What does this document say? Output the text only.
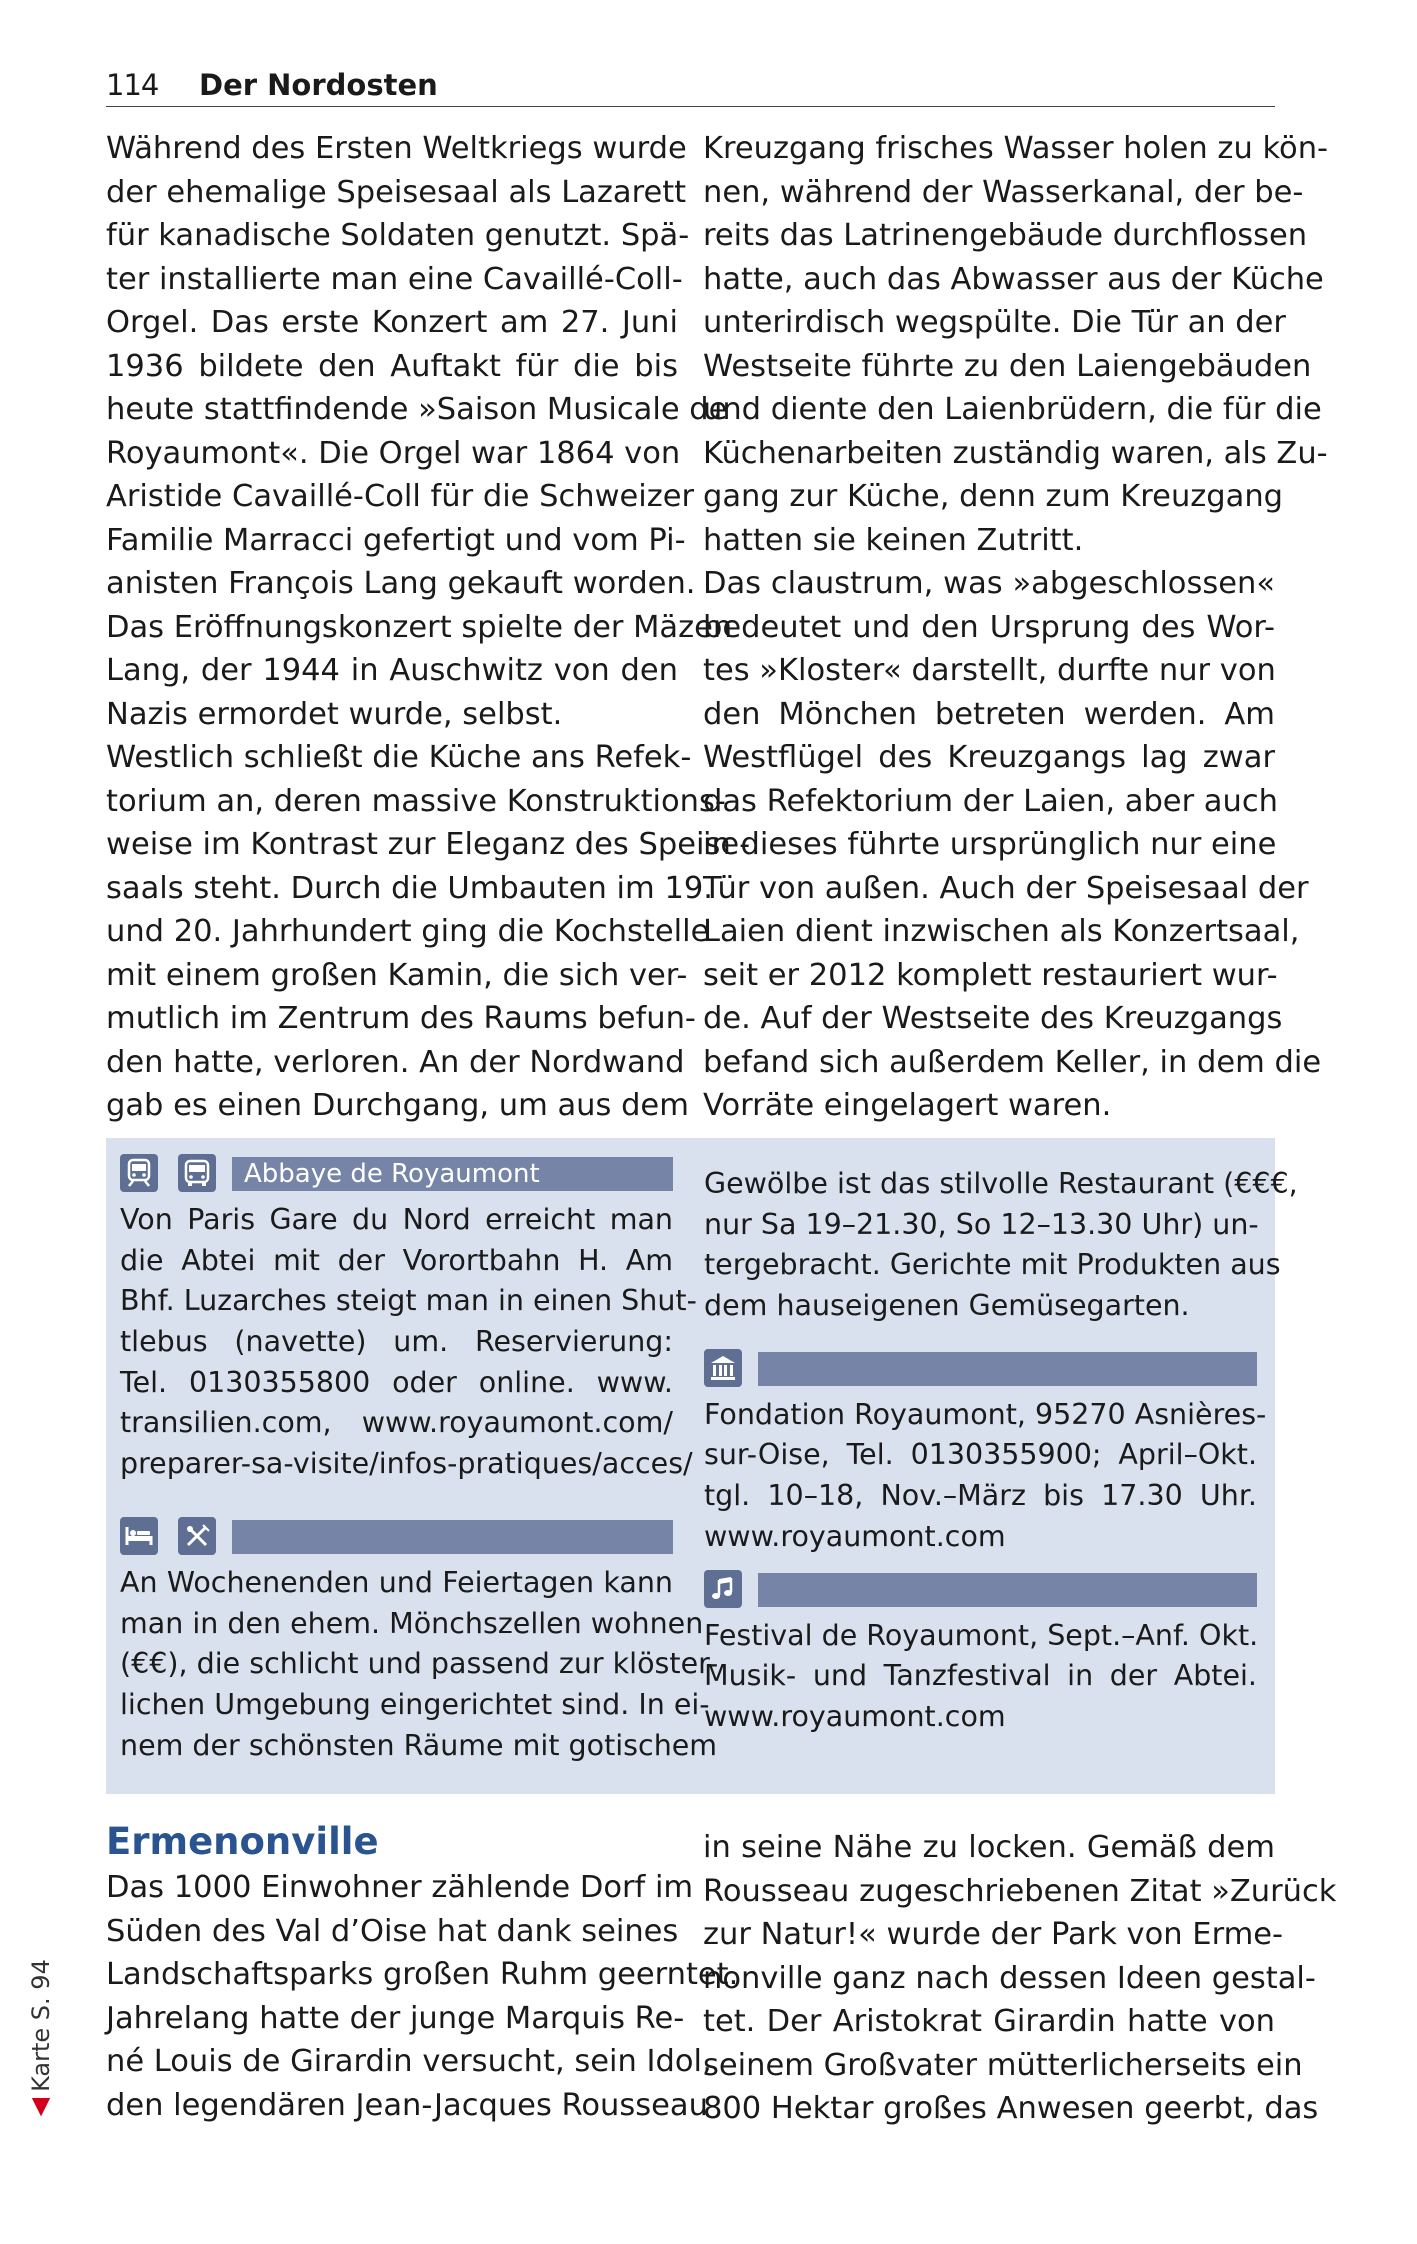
114 Der Nordosten
Während des Ersten Weltkriegs wurde
der ehemalige Speisesaal als Lazarett
für kanadische Soldaten genutzt. Spä-
ter installierte man eine Cavaillé-Coll-
Orgel. Das erste Konzert am 27. Juni
1936 bildete den Auftakt für die bis
heute stattfindende »Saison Musicale de
Royaumont«. Die Orgel war 1864 von
Aristide Cavaillé-Coll für die Schweizer
Familie Marracci gefertigt und vom Pi-
anisten François Lang gekauft worden.
Das Eröffnungskonzert spielte der Mäzen
Lang, der 1944 in Auschwitz von den
Nazis ermordet wurde, selbst.
Westlich schließt die Küche ans Refek-
torium an, deren massive Konstruktions-
weise im Kontrast zur Eleganz des Speise-
saals steht. Durch die Umbauten im 19.
und 20. Jahrhundert ging die Kochstelle
mit einem großen Kamin, die sich ver-
mutlich im Zentrum des Raums befun-
den hatte, verloren. An der Nordwand
gab es einen Durchgang, um aus dem
Kreuzgang frisches Wasser holen zu kön-
nen, während der Wasserkanal, der be-
reits das Latrinengebäude durchflossen
hatte, auch das Abwasser aus der Küche
unterirdisch wegspülte. Die Tür an der
Westseite führte zu den Laiengebäuden
und diente den Laienbrüdern, die für die
Küchenarbeiten zuständig waren, als Zu-
gang zur Küche, denn zum Kreuzgang
hatten sie keinen Zutritt.
Das claustrum, was »abgeschlossen«
bedeutet und den Ursprung des Wor-
tes »Kloster« darstellt, durfte nur von
den Mönchen betreten werden. Am
Westflügel des Kreuzgangs lag zwar
das Refektorium der Laien, aber auch
in dieses führte ursprünglich nur eine
Tür von außen. Auch der Speisesaal der
Laien dient inzwischen als Konzertsaal,
seit er 2012 komplett restauriert wur-
de. Auf der Westseite des Kreuzgangs
befand sich außerdem Keller, in dem die
Vorräte eingelagert waren.
Abbaye de Royaumont
Von Paris Gare du Nord erreicht man
die Abtei mit der Vorortbahn H. Am
Bhf. Luzarches steigt man in einen Shut-
tlebus (navette) um. Reservierung:
Tel. 0130355800 oder online. www.
transilien.com, www.royaumont.com/
preparer-sa-visite/infos-pratiques/acces/
An Wochenenden und Feiertagen kann
man in den ehem. Mönchszellen wohnen
(€€), die schlicht und passend zur klöster-
lichen Umgebung eingerichtet sind. In ei-
nem der schönsten Räume mit gotischem
Gewölbe ist das stilvolle Restaurant (€€€,
nur Sa 19–21.30, So 12–13.30 Uhr) un-
tergebracht. Gerichte mit Produkten aus
dem hauseigenen Gemüsegarten.
Fondation Royaumont, 95270 Asnières-
sur-Oise, Tel. 0130355900; April–Okt.
tgl. 10–18, Nov.–März bis 17.30 Uhr.
www.royaumont.com
Festival de Royaumont, Sept.–Anf. Okt.
Musik- und Tanzfestival in der Abtei.
www.royaumont.com
Ermenonville
Das 1000 Einwohner zählende Dorf im
Süden des Val d’Oise hat dank seines
Landschaftsparks großen Ruhm geerntet.
Jahrelang hatte der junge Marquis Re-
né Louis de Girardin versucht, sein Idol,
den legendären Jean-Jacques Rousseau
in seine Nähe zu locken. Gemäß dem
Rousseau zugeschriebenen Zitat »Zurück
zur Natur!« wurde der Park von Erme-
nonville ganz nach dessen Ideen gestal-
tet. Der Aristokrat Girardin hatte von
seinem Großvater mütterlicherseits ein
800 Hektar großes Anwesen geerbt, das
▲ Karte S. 94
